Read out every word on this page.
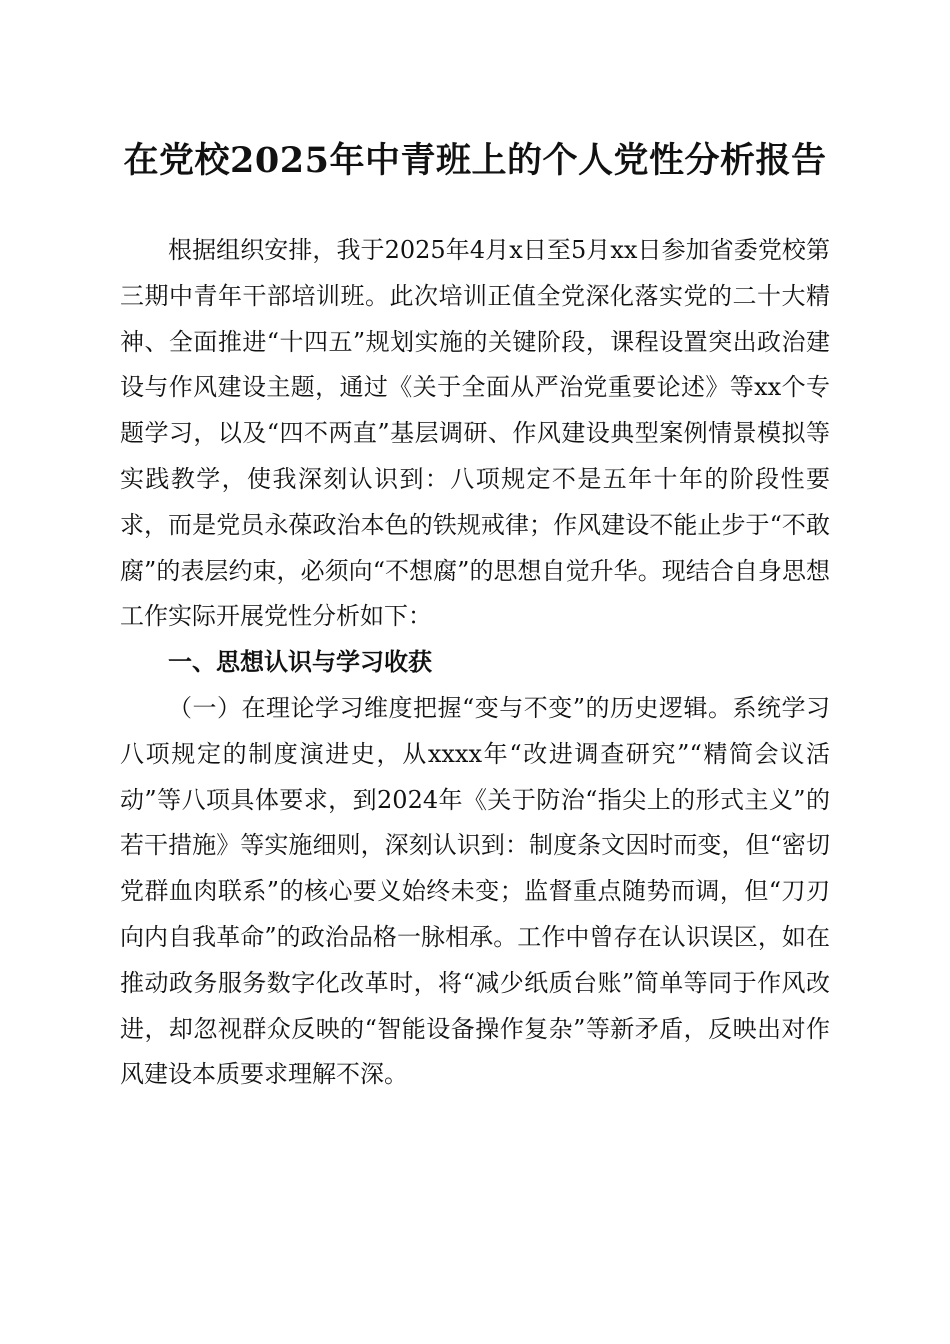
在党校2025年中青班上的个人党性分析报告

根据组织安排，我于2025年4月x日至5月xx日参加省委党校第三期中青年干部培训班。此次培训正值全党深化落实党的二十大精神、全面推进“十四五”规划实施的关键阶段，课程设置突出政治建设与作风建设主题，通过《关于全面从严治党重要论述》等xx个专题学习，以及“四不两直”基层调研、作风建设典型案例情景模拟等实践教学，使我深刻认识到：八项规定不是五年十年的阶段性要求，而是党员永葆政治本色的铁规戒律；作风建设不能止步于“不敢腐”的表层约束，必须向“不想腐”的思想自觉升华。现结合自身思想工作实际开展党性分析如下：

一、思想认识与学习收获

（一）在理论学习维度把握“变与不变”的历史逻辑。系统学习八项规定的制度演进史，从xxxx年“改进调查研究”“精简会议活动”等八项具体要求，到2024年《关于防治“指尖上的形式主义”的若干措施》等实施细则，深刻认识到：制度条文因时而变，但“密切党群血肉联系”的核心要义始终未变；监督重点随势而调，但“刀刃向内自我革命”的政治品格一脉相承。工作中曾存在认识误区，如在推动政务服务数字化改革时，将“减少纸质台账”简单等同于作风改进，却忽视群众反映的“智能设备操作复杂”等新矛盾，反映出对作风建设本质要求理解不深。
